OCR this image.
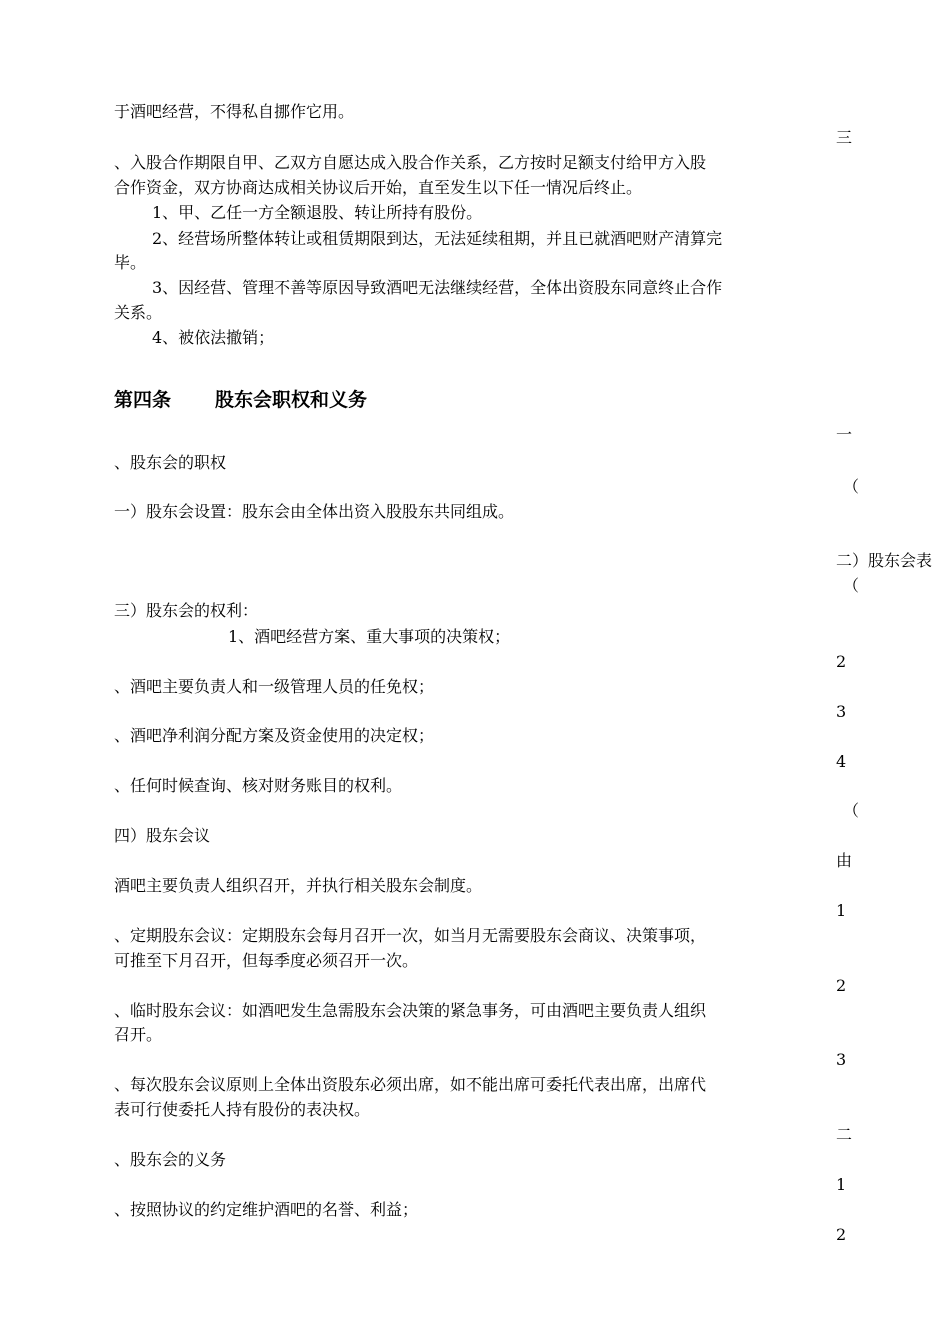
于酒吧经营，不得私自挪作它用。

三

、入股合作期限自甲、乙双方自愿达成入股合作关系，乙方按时足额支付给甲方入股

合作资金，双方协商达成相关协议后开始，直至发生以下任一情况后终止。

1、甲、乙任一方全额退股、转让所持有股份。

2、经营场所整体转让或租赁期限到达，无法延续租期，并且已就酒吧财产清算完

毕。

3、因经营、管理不善等原因导致酒吧无法继续经营，全体出资股东同意终止合作

关系。

4、被依法撤销；

第四条 股东会职权和义务

一

、股东会的职权

（

一）股东会设置：股东会由全体出资入股股东共同组成。

二）股东会表

（

三）股东会的权利：

1、酒吧经营方案、重大事项的决策权；

2

、酒吧主要负责人和一级管理人员的任免权；

3

、酒吧净利润分配方案及资金使用的决定权；

4

、任何时候查询、核对财务账目的权利。

（

四）股东会议

由

酒吧主要负责人组织召开，并执行相关股东会制度。

1

、定期股东会议：定期股东会每月召开一次，如当月无需要股东会商议、决策事项，

可推至下月召开，但每季度必须召开一次。

2

、临时股东会议：如酒吧发生急需股东会决策的紧急事务，可由酒吧主要负责人组织

召开。

3

、每次股东会议原则上全体出资股东必须出席，如不能出席可委托代表出席，出席代

表可行使委托人持有股份的表决权。

二

、股东会的义务

1

、按照协议的约定维护酒吧的名誉、利益；

2
